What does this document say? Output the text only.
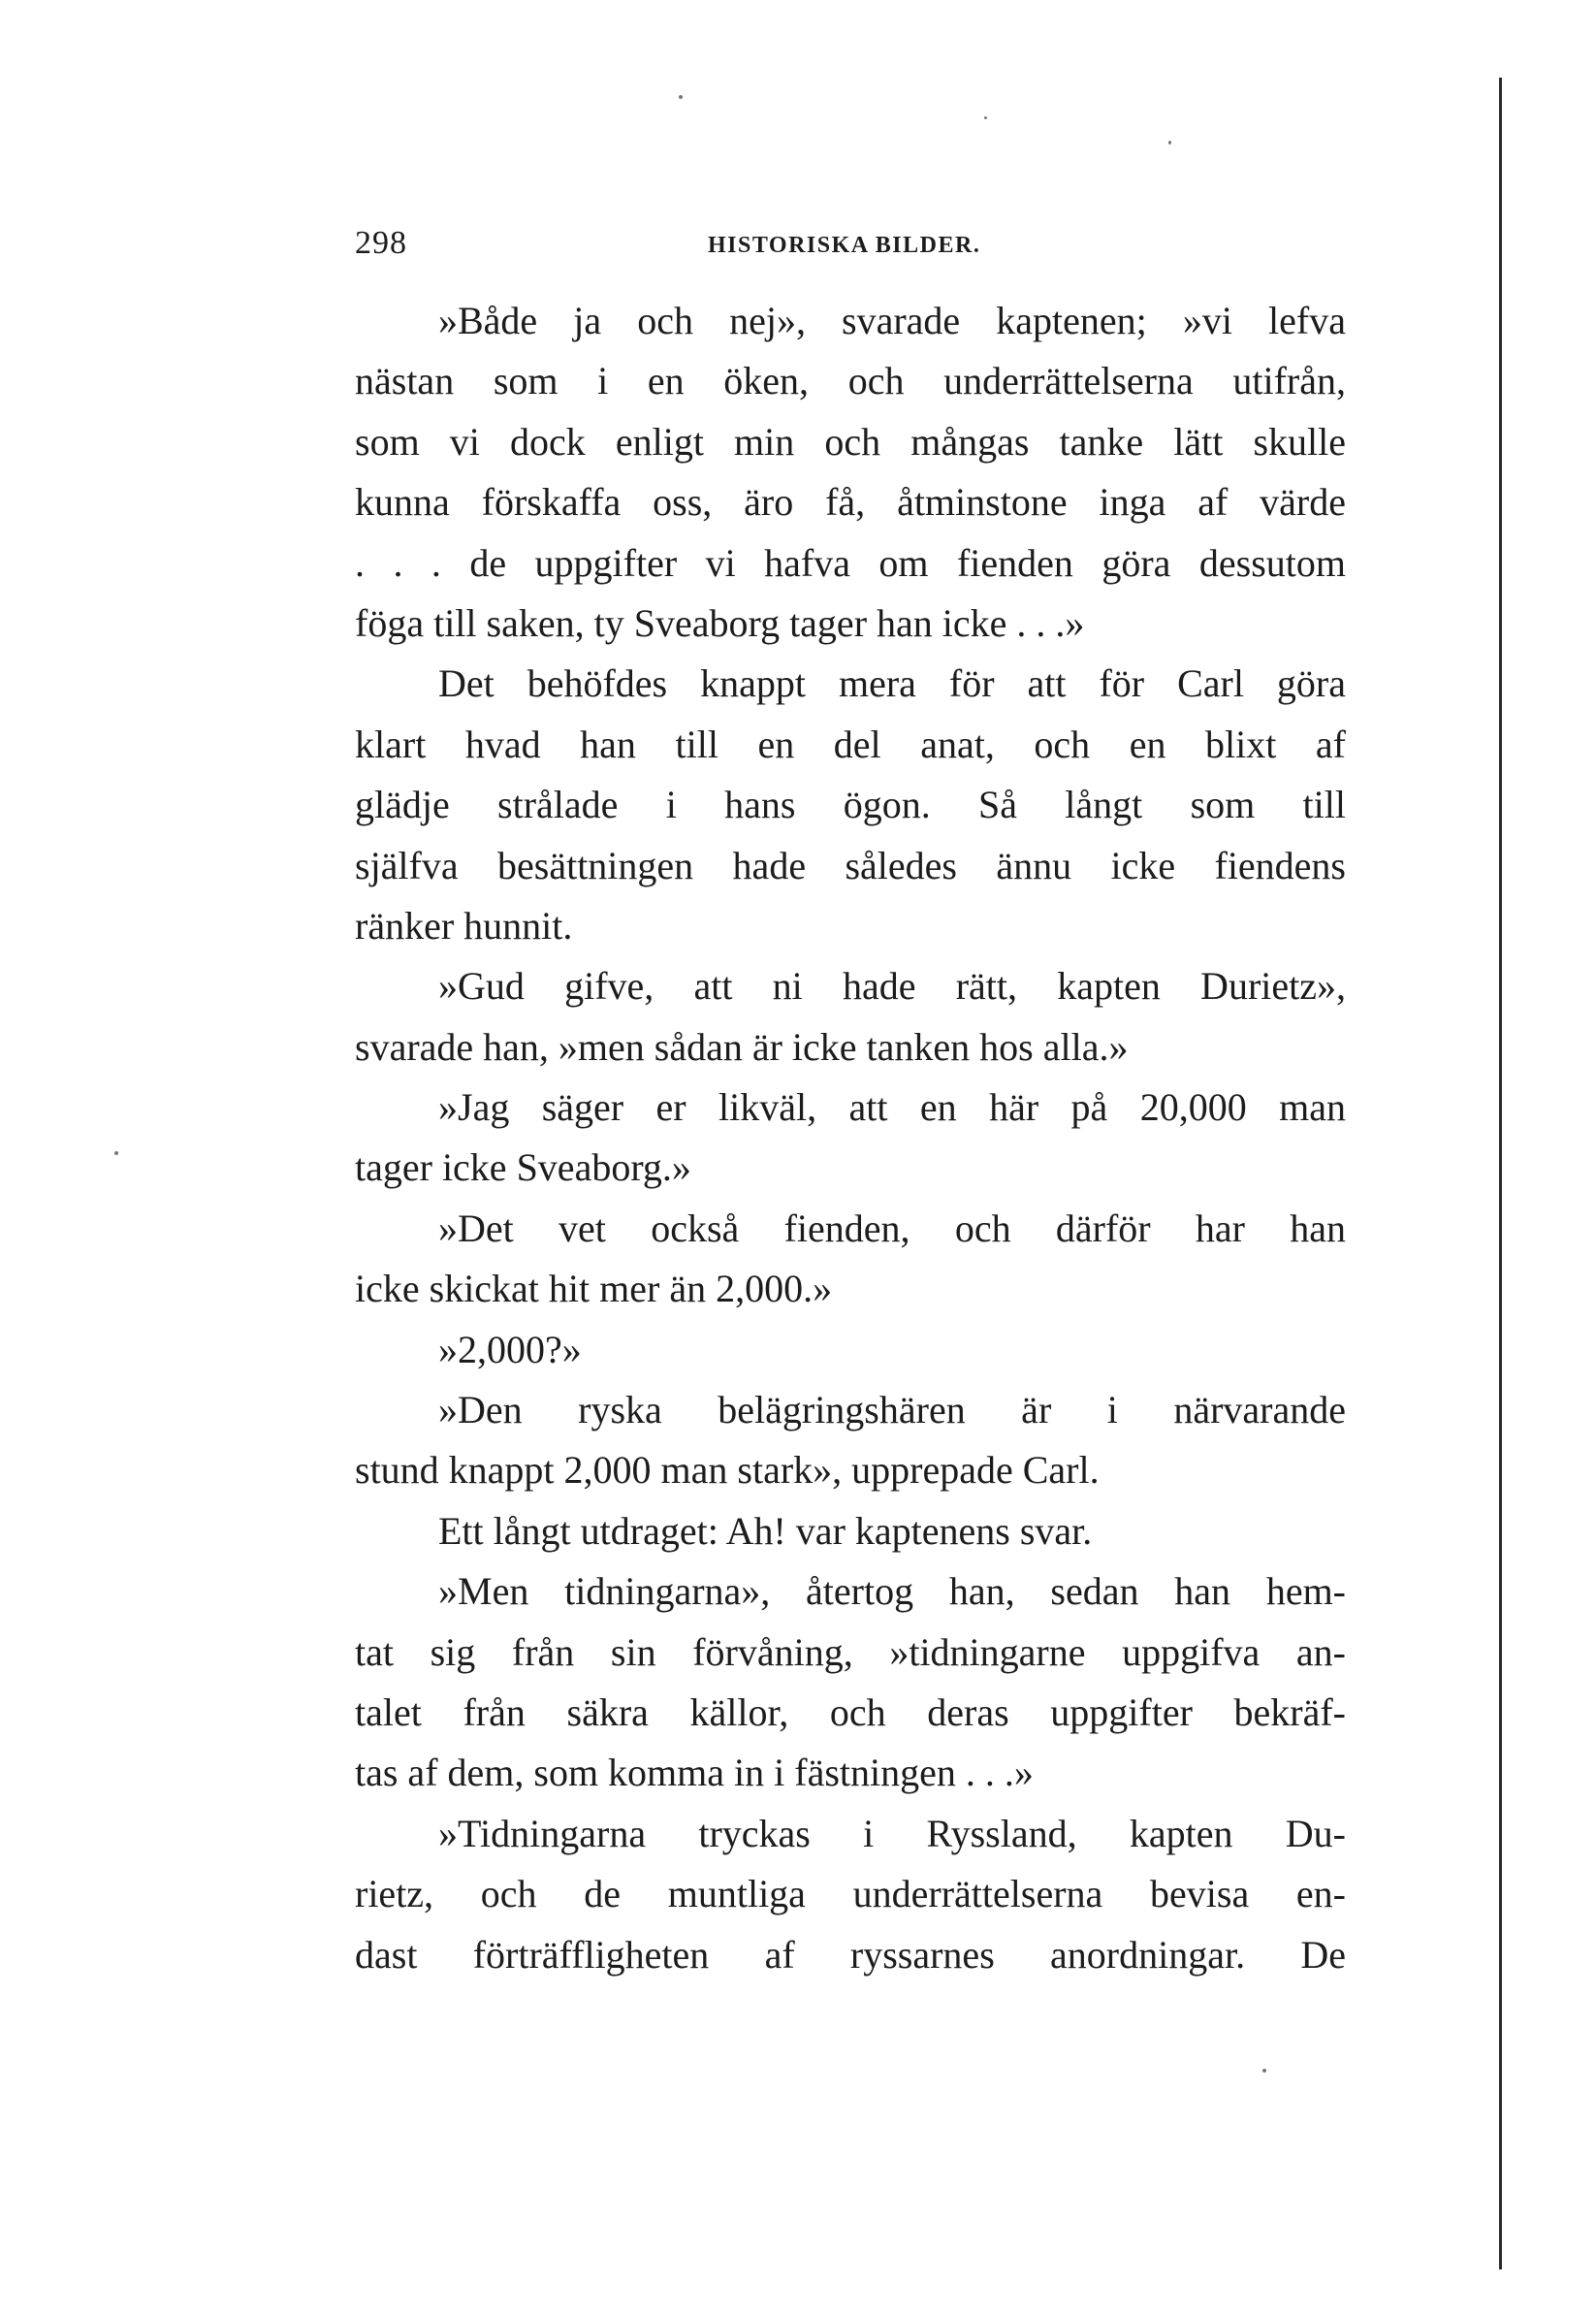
298	HISTORISKA BILDER.
»Både ja och nej», svarade kaptenen; »vi lefva
nästan som i en öken, och underrättelserna utifrån,
som vi dock enligt min och mångas tanke lätt skulle
kunna förskaffa oss, äro få, åtminstone inga af värde
. . . de uppgifter vi hafva om fienden göra dessutom
föga till saken, ty Sveaborg tager han icke . . .»
Det behöfdes knappt mera för att för Carl göra
klart hvad han till en del anat, och en blixt af
glädje strålade i hans ögon. Så långt som till
själfva besättningen hade således ännu icke fiendens
ränker hunnit.
»Gud gifve, att ni hade rätt, kapten Durietz»,
svarade han, »men sådan är icke tanken hos alla.»
»Jag säger er likväl, att en här på 20,000 man
tager icke Sveaborg.»
»Det vet också fienden, och därför har han
icke skickat hit mer än 2,000.»
»2,000?»
»Den ryska belägringshären är i närvarande
stund knappt 2,000 man stark», upprepade Carl.
Ett långt utdraget: Ah! var kaptenens svar.
»Men tidningarna», återtog han, sedan han hem-
tat sig från sin förvåning, »tidningarne uppgifva an-
talet från säkra källor, och deras uppgifter bekräf-
tas af dem, som komma in i fästningen . . .»
»Tidningarna tryckas i Ryssland, kapten Du-
rietz, och de muntliga underrättelserna bevisa en-
dast förträffligheten af ryssarnes anordningar. De
